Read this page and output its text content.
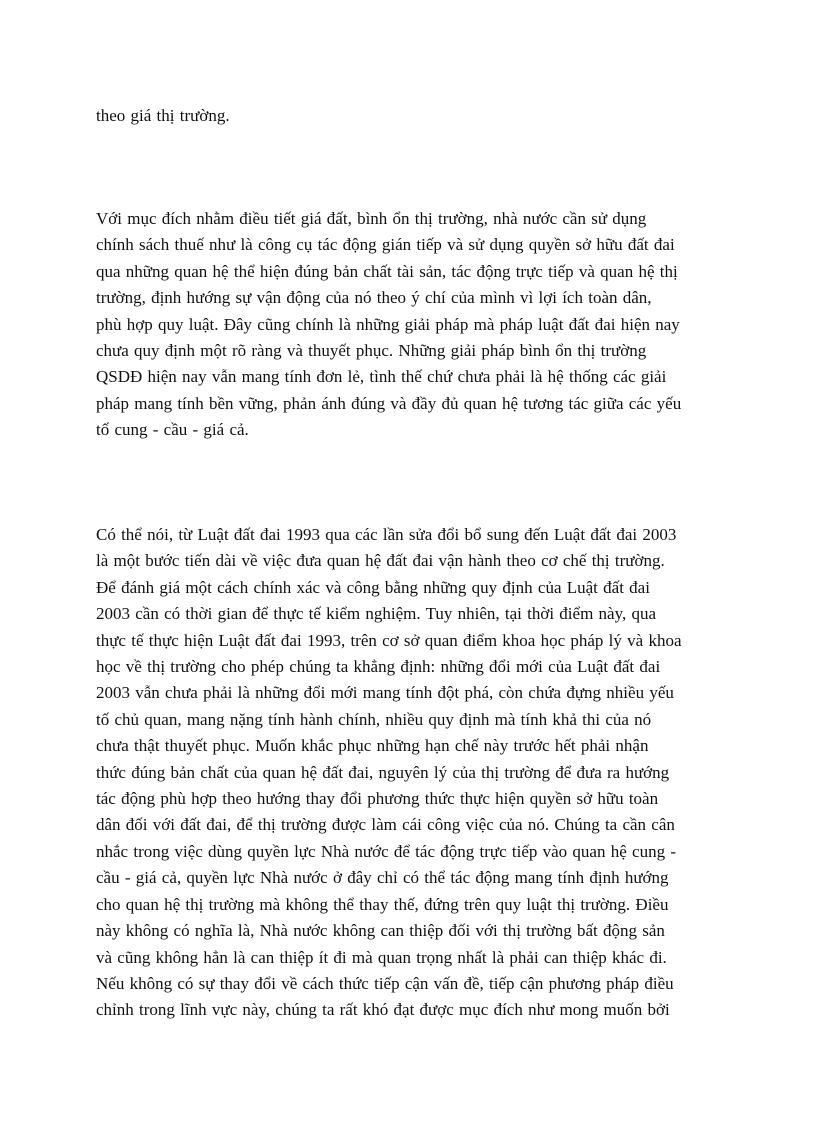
theo giá thị trường.

Với mục đích nhằm điều tiết giá đất, bình ổn thị trường, nhà nước cần sử dụng
chính sách thuế như là công cụ tác động gián tiếp và sử dụng quyền sở hữu đất đai
qua những quan hệ thể hiện đúng bản chất tài sản, tác động trực tiếp và quan hệ thị
trường, định hướng sự vận động của nó theo ý chí của mình vì lợi ích toàn dân,
phù hợp quy luật. Đây cũng chính là những giải pháp mà pháp luật đất đai hiện nay
chưa quy định một rõ ràng và thuyết phục. Những giải pháp bình ổn thị trường
QSDĐ hiện nay vẫn mang tính đơn lẻ, tình thế chứ chưa phải là hệ thống các giải
pháp mang tính bền vững, phản ánh đúng và đầy đủ quan hệ tương tác giữa các yếu
tố cung - cầu - giá cả.
Có thể nói, từ Luật đất đai 1993 qua các lần sửa đổi bổ sung đến Luật đất đai 2003
là một bước tiến dài về việc đưa quan hệ đất đai vận hành theo cơ chế thị trường.
Để đánh giá một cách chính xác và công bằng những quy định của Luật đất đai
2003 cần có thời gian để thực tế kiểm nghiệm. Tuy nhiên, tại thời điểm này, qua
thực tế thực hiện Luật đất đai 1993, trên cơ sở quan điểm khoa học pháp lý và khoa
học về thị trường cho phép chúng ta khẳng định: những đổi mới của Luật đất đai
2003 vẫn chưa phải là những đổi mới mang tính đột phá, còn chứa đựng nhiều yếu
tố chủ quan, mang nặng tính hành chính, nhiều quy định mà tính khả thi của nó
chưa thật thuyết phục. Muốn khắc phục những hạn chế này trước hết phải nhận
thức đúng bản chất của quan hệ đất đai, nguyên lý của thị trường để đưa ra hướng
tác động phù hợp theo hướng thay đổi phương thức thực hiện quyền sở hữu toàn
dân đối với đất đai, để thị trường được làm cái công việc của nó. Chúng ta cần cân
nhắc trong việc dùng quyền lực Nhà nước để tác động trực tiếp vào quan hệ cung -
cầu - giá cả, quyền lực Nhà nước ở đây chỉ có thể tác động mang tính định hướng
cho quan hệ thị trường mà không thể thay thế, đứng trên quy luật thị trường. Điều
này không có nghĩa là, Nhà nước không can thiệp đối với thị trường bất động sản
và cũng không hẳn là can thiệp ít đi mà quan trọng nhất là phải can thiệp khác đi.
Nếu không có sự thay đổi về cách thức tiếp cận vấn đề, tiếp cận phương pháp điều
chỉnh trong lĩnh vực này, chúng ta rất khó đạt được mục đích như mong muốn bởi
